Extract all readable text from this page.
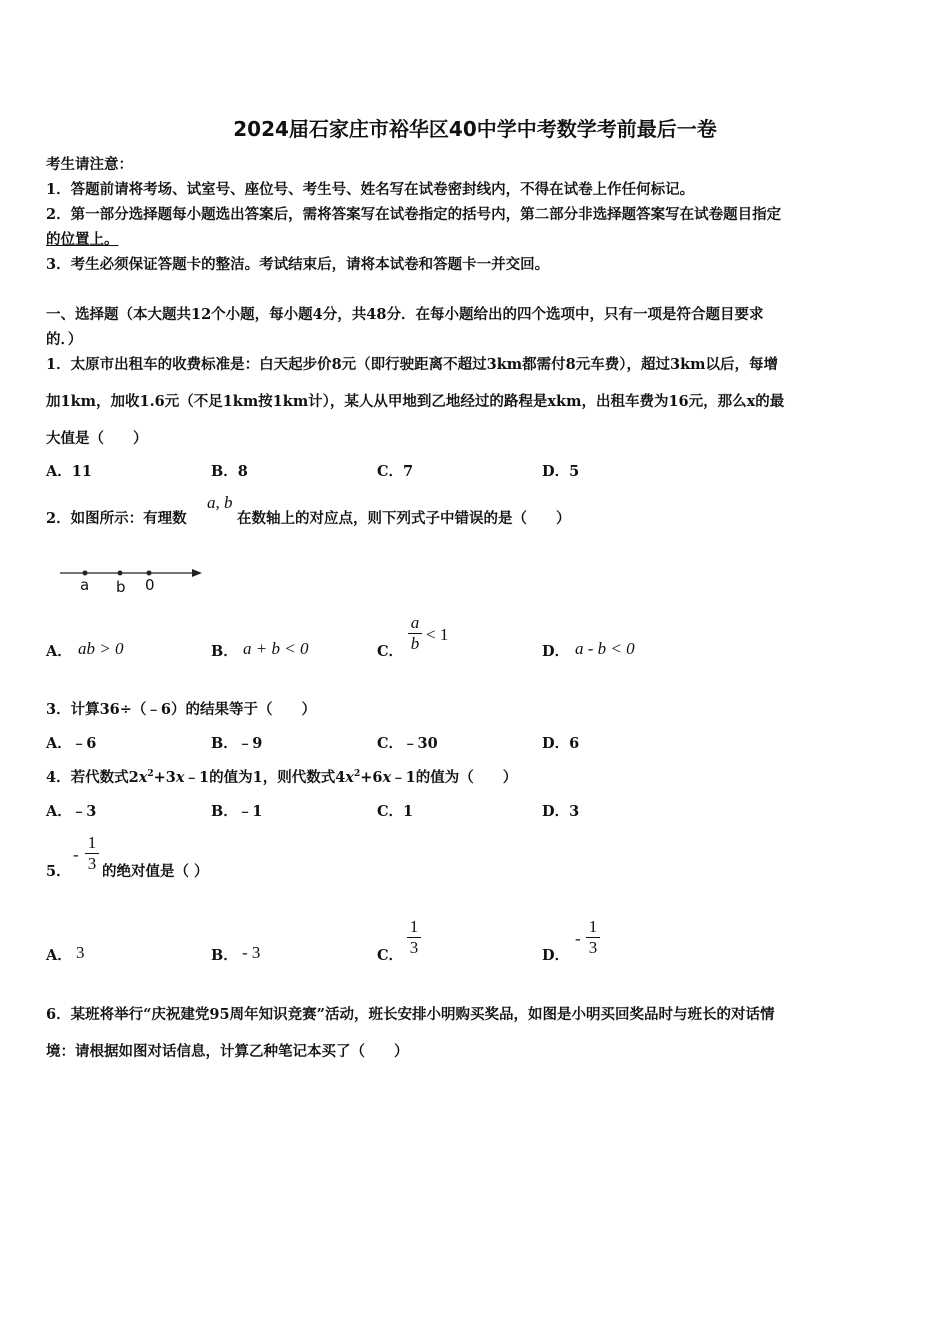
2024届石家庄市裕华区40中学中考数学考前最后一卷
考生请注意：
1．答题前请将考场、试室号、座位号、考生号、姓名写在试卷密封线内，不得在试卷上作任何标记。
2．第一部分选择题每小题选出答案后，需将答案写在试卷指定的括号内，第二部分非选择题答案写在试卷题目指定
的位置上。
3．考生必须保证答题卡的整洁。考试结束后，请将本试卷和答题卡一并交回。
一、选择题（本大题共12个小题，每小题4分，共48分．在每小题给出的四个选项中，只有一项是符合题目要求
的．）
1．太原市出租车的收费标准是：白天起步价8元（即行驶距离不超过3km都需付8元车费），超过3km以后，每增
加1km，加收1.6元（不足1km按1km计），某人从甲地到乙地经过的路程是xkm，出租车费为16元，那么x的最
大值是（　　）
A．11	B．8	C．7	D．5
2．如图所示：有理数
a, b
在数轴上的对应点，则下列式子中错误的是（　　）
a b 0
A． ab > 0	B． a + b < 0	C．
a
b < 1
D． a - b < 0
3．计算36÷（﹣6）的结果等于（　　）
A．﹣6	B．﹣9	C．﹣30	D．6
4．若代数式$2x^2+3x﹣1$的值为1，则代数式$4x^2+6x﹣1$的值为（　　）
A．﹣3	B．﹣1	C．1	D．3
5．
-
1
3 的绝对值是（ ）
A． 3	B． - 3	C．
1
3	D．
-
1
3
6．某班将举行“庆祝建党95周年知识竞赛”活动，班长安排小明购买奖品，如图是小明买回奖品时与班长的对话情
境：请根据如图对话信息，计算乙种笔记本买了（　　）
